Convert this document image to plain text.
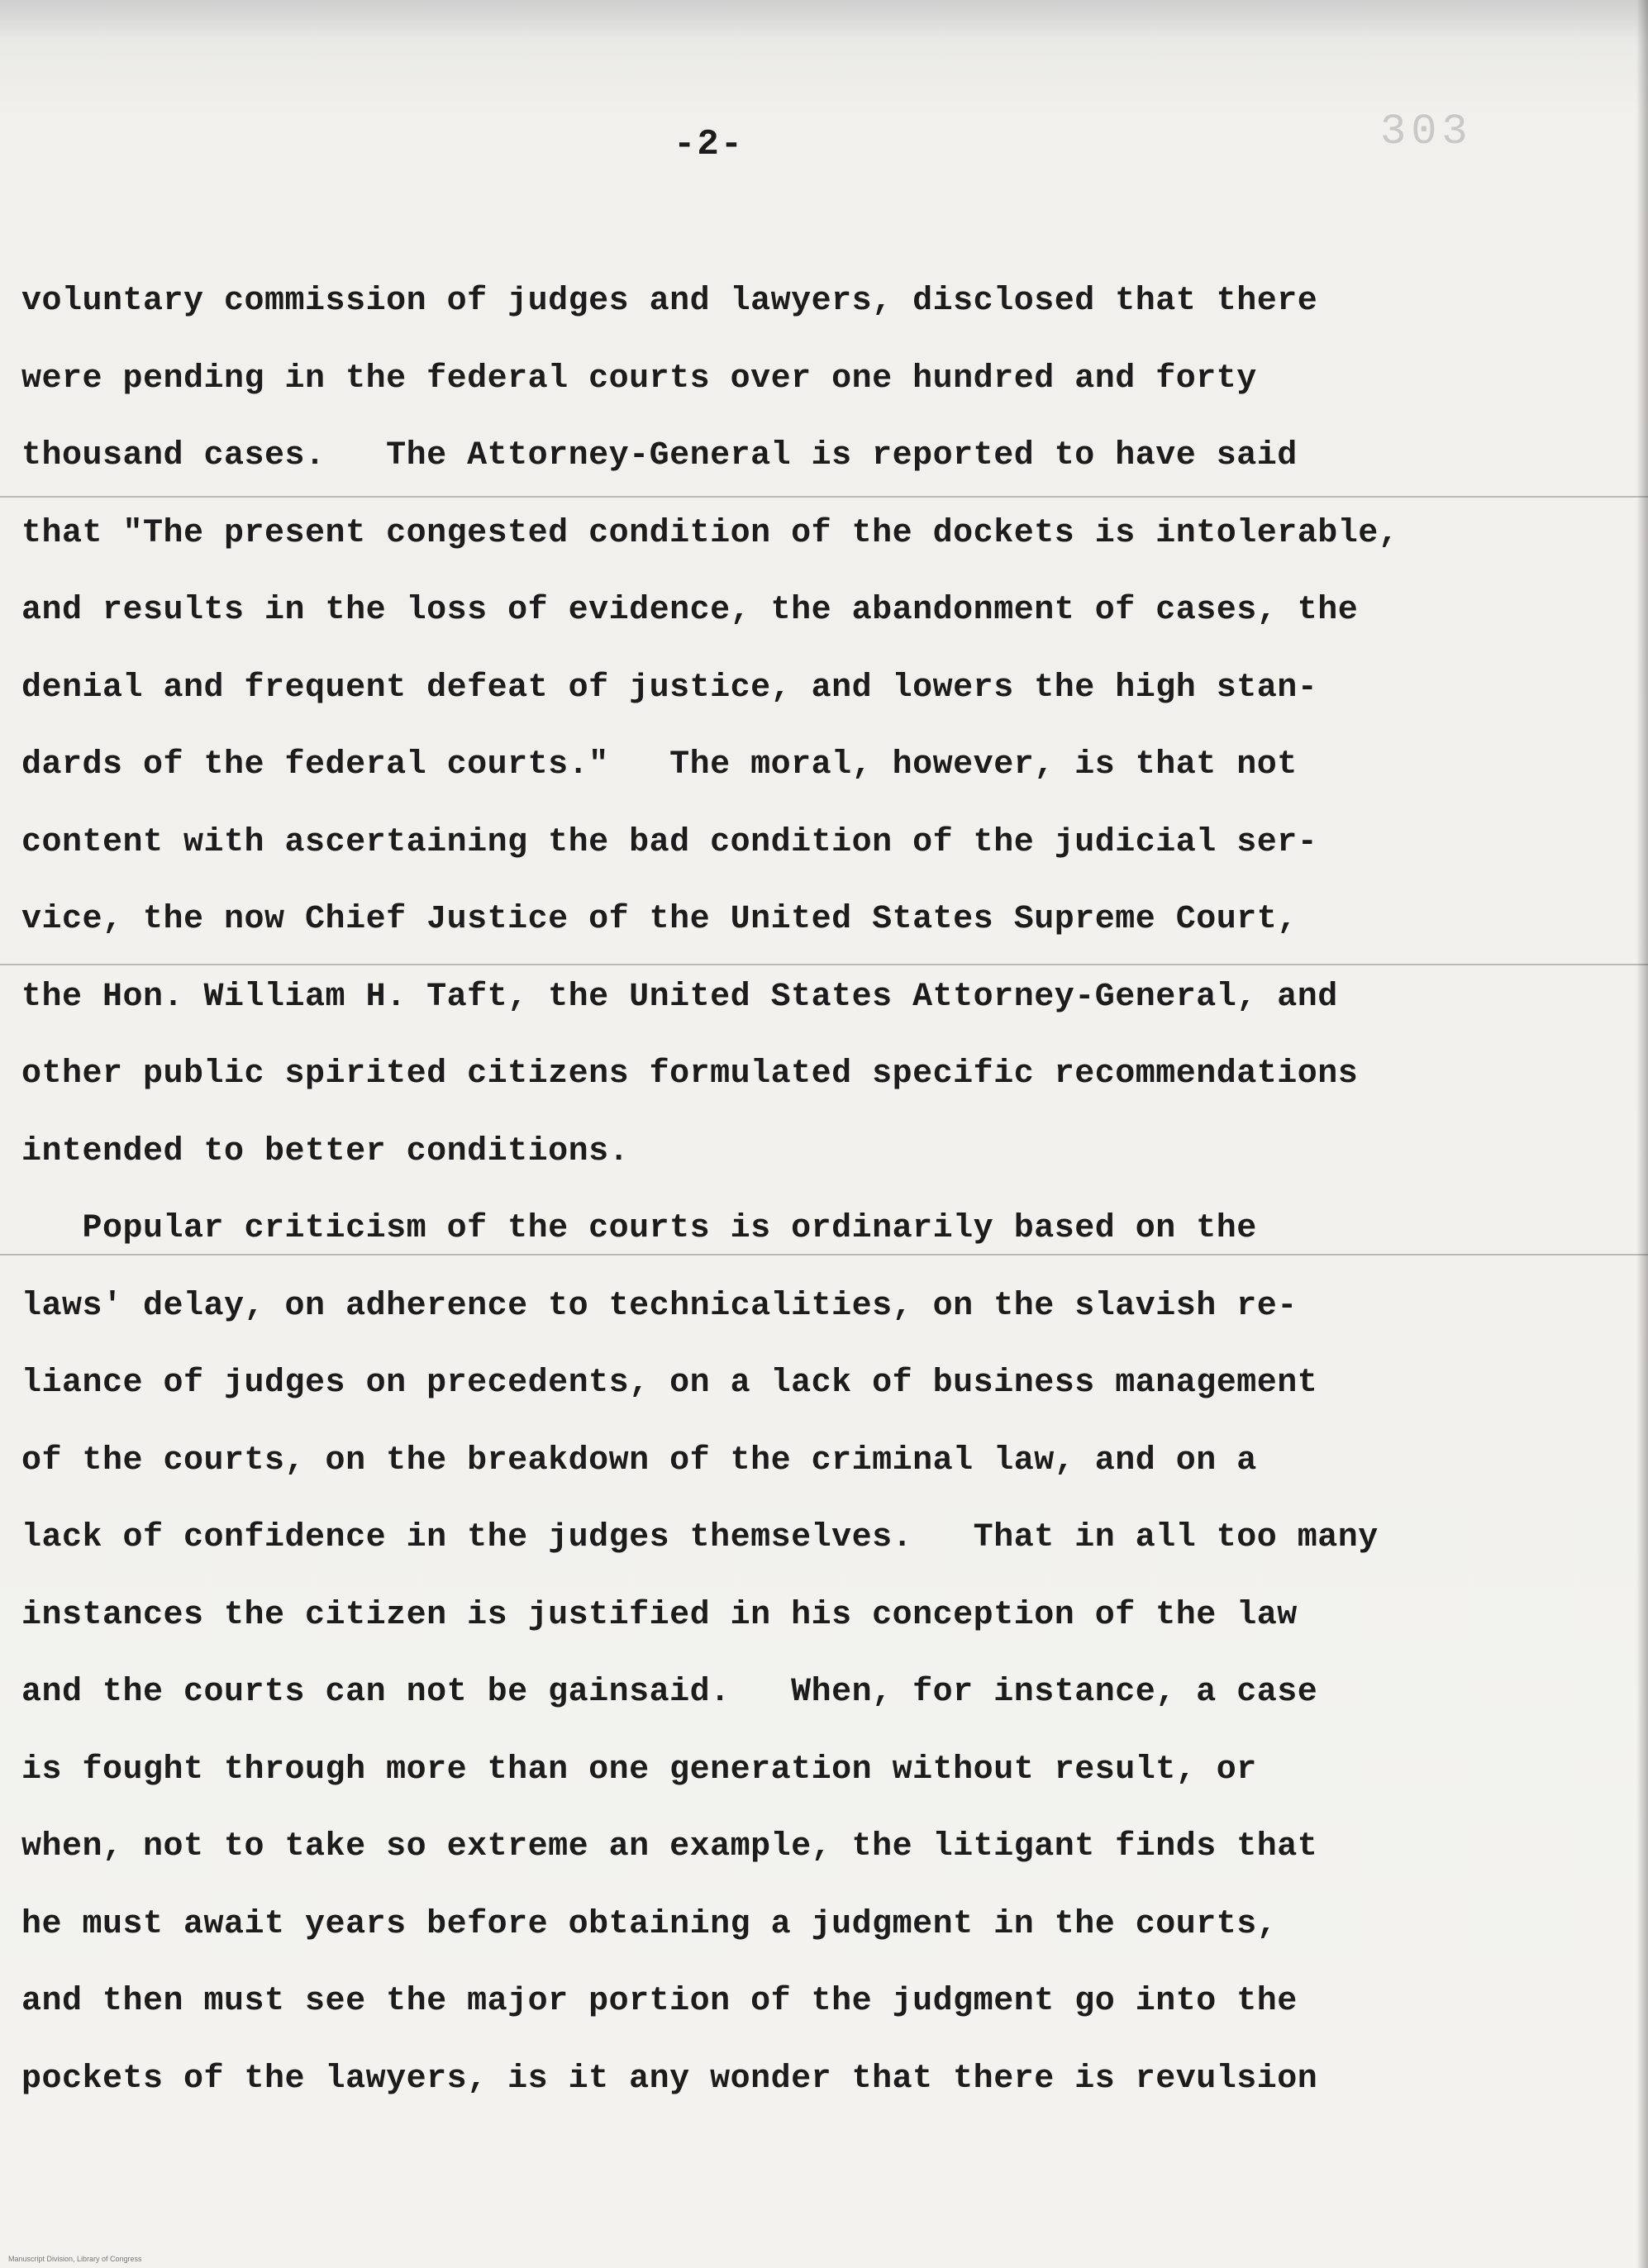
-2-	303
voluntary commission of judges and lawyers, disclosed that there
were pending in the federal courts over one hundred and forty
thousand cases.   The Attorney-General is reported to have said
that "The present congested condition of the dockets is intolerable,
and results in the loss of evidence, the abandonment of cases, the
denial and frequent defeat of justice, and lowers the high stan-
dards of the federal courts."   The moral, however, is that not
content with ascertaining the bad condition of the judicial ser-
vice, the now Chief Justice of the United States Supreme Court,
the Hon. William H. Taft, the United States Attorney-General, and
other public spirited citizens formulated specific recommendations
intended to better conditions.
Popular criticism of the courts is ordinarily based on the
laws' delay, on adherence to technicalities, on the slavish re-
liance of judges on precedents, on a lack of business management
of the courts, on the breakdown of the criminal law, and on a
lack of confidence in the judges themselves.   That in all too many
instances the citizen is justified in his conception of the law
and the courts can not be gainsaid.   When, for instance, a case
is fought through more than one generation without result, or
when, not to take so extreme an example, the litigant finds that
he must await years before obtaining a judgment in the courts,
and then must see the major portion of the judgment go into the
pockets of the lawyers, is it any wonder that there is revulsion
Manuscript Division, Library of Congress
